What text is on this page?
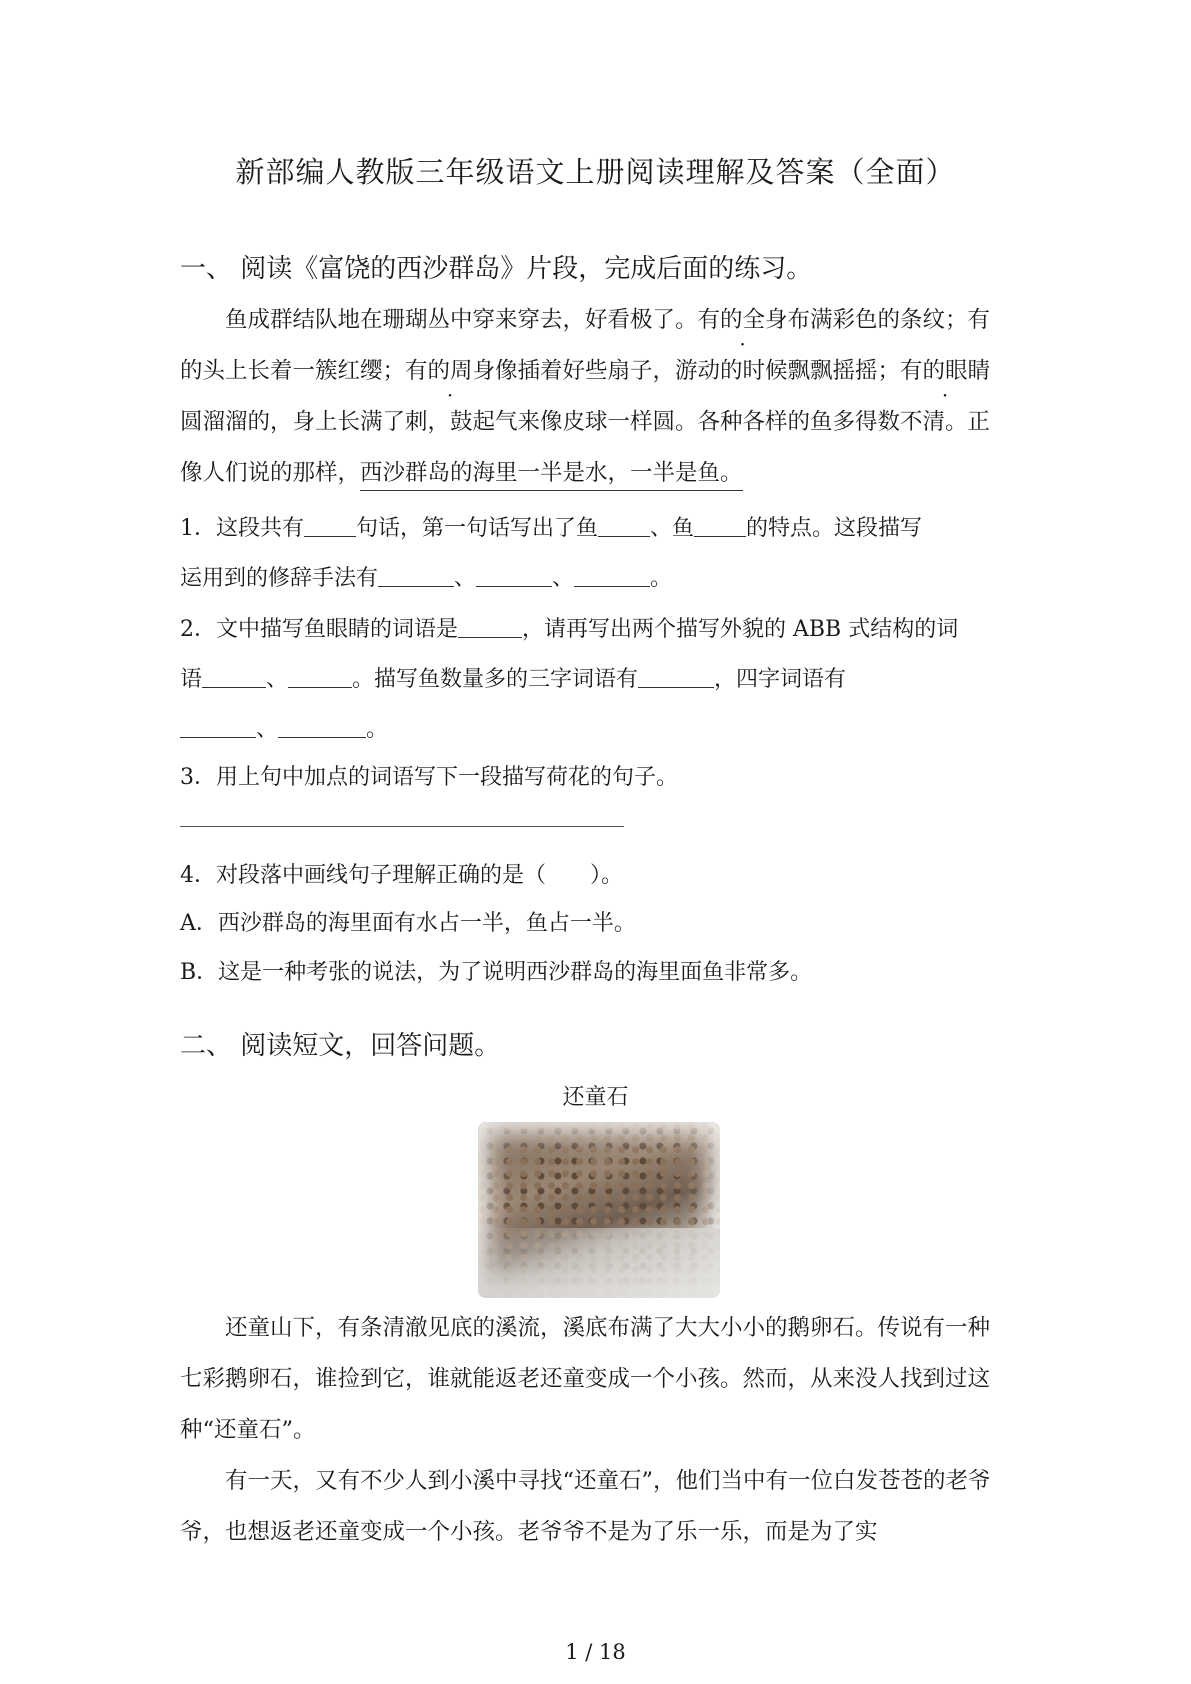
新部编人教版三年级语文上册阅读理解及答案（全面）
一、 阅读《富饶的西沙群岛》片段，完成后面的练习。

鱼成群结队地在珊瑚丛中穿来穿去，好看极了。有的全身布满彩色的条纹；有的头上长着一簇红缨；有的周身像插着好些扇子，游动的时候飘飘摇摇；有的眼睛圆溜溜的，身上长满了刺，鼓起气来像皮球一样圆。各种各样的鱼多得数不清。正像人们说的那样，西沙群岛的海里一半是水，一半是鱼。

1．这段共有 句话，第一句话写出了鱼 、鱼 的特点。这段描写
运用到的修辞手法有	、	、	。
2．文中描写鱼眼睛的词语是	，请再写出两个描写外貌的 ABB 式结构的词
语	、	。描写鱼数量多的三字词语有	，四字词语有
、	。
3．用上句中加点的词语写下一段描写荷花的句子。
4．对段落中画线句子理解正确的是（　　）。
A．西沙群岛的海里面有水占一半，鱼占一半。
B．这是一种考张的说法，为了说明西沙群岛的海里面鱼非常多。
二、 阅读短文，回答问题。
还童石

还童山下，有条清澈见底的溪流，溪底布满了大大小小的鹅卵石。传说有一种七彩鹅卵石，谁捡到它，谁就能返老还童变成一个小孩。然而，从来没人找到过这种“还童石”。

有一天，又有不少人到小溪中寻找“还童石”，他们当中有一位白发苍苍的老爷爷，也想返老还童变成一个小孩。老爷爷不是为了乐一乐，而是为了实

1 / 18
